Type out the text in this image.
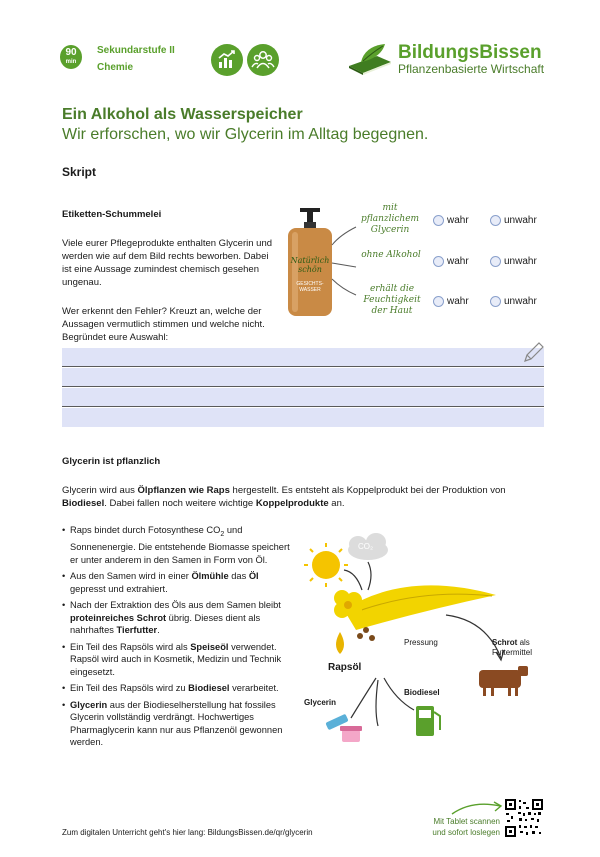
90
min
Sekundarstufe II
Chemie
BildungsBissen
Pflanzenbasierte Wirtschaft
Ein Alkohol als Wasserspeicher
Wir erforschen, wo wir Glycerin im Alltag begegnen.
Skript
Etiketten-Schummelei
Viele eurer Pflegeprodukte enthalten Glycerin und werden wie auf dem Bild rechts beworben. Dabei ist eine Aussage zumindest chemisch gesehen ungenau.
Wer erkennt den Fehler? Kreuzt an, welche der Aussagen vermutlich stimmen und welche nicht. Begründet eure Auswahl:
Natürlich schön
GESICHTS-WASSER
mit pflanzlichem Glycerin
wahr	unwahr
ohne Alkohol
wahr	unwahr
erhält die Feuchtigkeit der Haut
wahr	unwahr
Glycerin ist pflanzlich
Glycerin wird aus Ölpflanzen wie Raps hergestellt. Es entsteht als Koppelprodukt bei der Produktion von Biodiesel. Dabei fallen noch weitere wichtige Koppelprodukte an.
• Raps bindet durch Fotosynthese $CO_2$ und Sonnenenergie. Die entstehende Biomasse speichert er unter anderem in den Samen in Form von Öl.
• Aus den Samen wird in einer Ölmühle das Öl gepresst und extrahiert.
• Nach der Extraktion des Öls aus dem Samen bleibt proteinreiches Schrot übrig. Dieses dient als nahrhaftes Tierfutter.
• Ein Teil des Rapsöls wird als Speiseöl verwendet. Rapsöl wird auch in Kosmetik, Medizin und Technik eingesetzt.
• Ein Teil des Rapsöls wird zu Biodiesel verarbeitet.
• Glycerin aus der Biodieselherstellung hat fossiles Glycerin vollständig verdrängt. Hochwertiges Pharmaglycerin kann nur aus Pflanzenöl gewonnen werden.
CO₂
Pressung	Schrot als
Futtermittel
Rapsöl
Biodiesel
Glycerin
Zum digitalen Unterricht geht's hier lang: BildungsBissen.de/qr/glycerin
Mit Tablet scannen
und sofort loslegen
